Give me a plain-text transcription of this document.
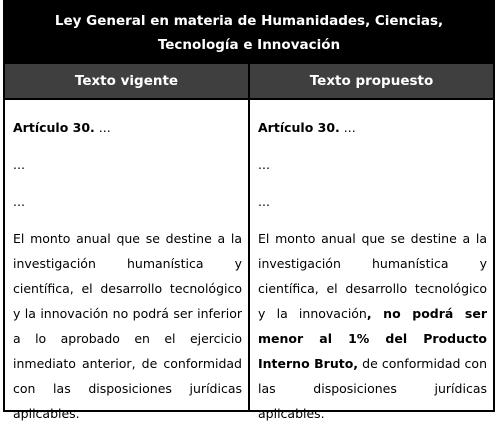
Ley General en materia de Humanidades, Ciencias, Tecnología e Innovación
Texto vigente	Texto propuesto

Artículo 30. ...

...

...

El monto anual que se destine a la investigación humanística y científica, el desarrollo tecnológico y la innovación no podrá ser inferior a lo aprobado en el ejercicio inmediato anterior, de conformidad con las disposiciones jurídicas aplicables.

Artículo 30. ...

...

...

El monto anual que se destine a la investigación humanística y científica, el desarrollo tecnológico y la innovación, no podrá ser menor al 1% del Producto Interno Bruto, de conformidad con las disposiciones jurídicas aplicables.
